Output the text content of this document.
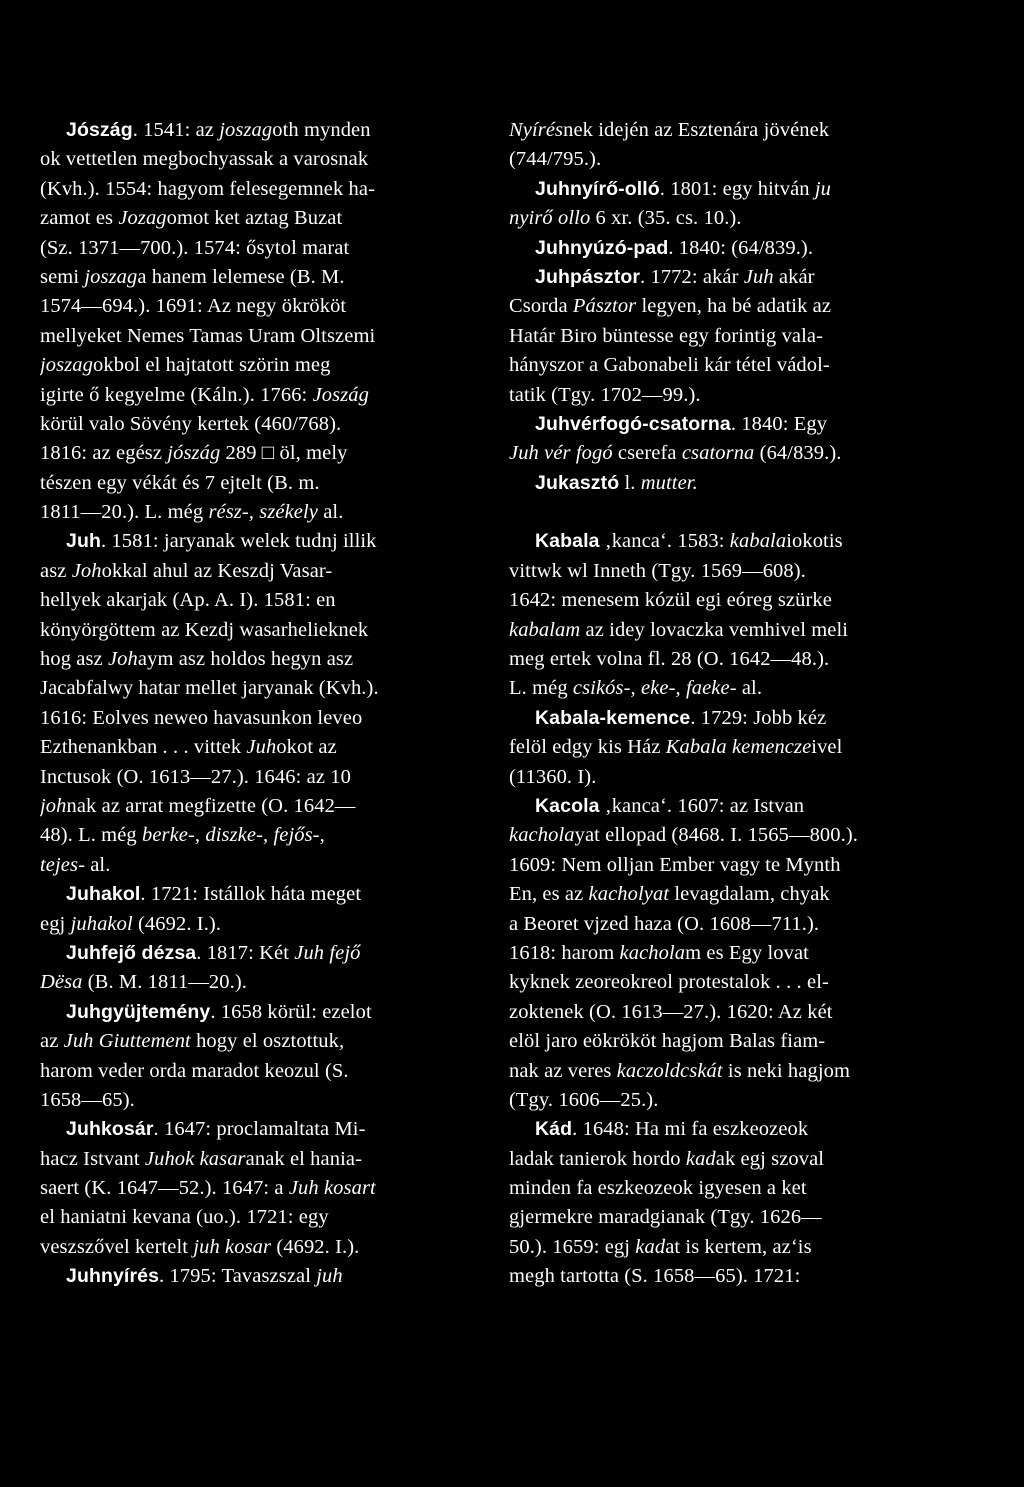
Jószág. 1541: az joszagoth mynden
ok vettetlen megbochyassak a varosnak
(Kvh.). 1554: hagyom felesegemnek ha-
zamot es Jozagomot ket aztag Buzat
(Sz. 1371—700.). 1574: ősytol marat
semi joszaga hanem lelemese (B. M.
1574—694.). 1691: Az negy ökrököt
mellyeket Nemes Tamas Uram Oltszemi
joszagokbol el hajtatott szörin meg
igirte ő kegyelme (Káln.). 1766: Joszág
körül valo Sövény kertek (460/768).
1816: az egész jószág 289 □ öl, mely
tészen egy vékát és 7 ejtelt (B. m.
1811—20.). L. még rész-, székely al.
Juh. 1581: jaryanak welek tudnj illik
asz Johokkal ahul az Keszdj Vasar-
hellyek akarjak (Ap. A. I). 1581: en
könyörgöttem az Kezdj wasarhelieknek
hog asz Johaym asz holdos hegyn asz
Jacabfalwy hatar mellet jaryanak (Kvh.).
1616: Eolves neweo havasunkon leveo
Ezthenankban . . . vittek Juhokot az
Inctusok (O. 1613—27.). 1646: az 10
johnak az arrat megfizette (O. 1642—
48). L. még berke-, diszke-, fejős-,
tejes- al.
Juhakol. 1721: Istállok háta meget
egj juhakol (4692. I.).
Juhfejő dézsa. 1817: Két Juh fejő
Dësa (B. M. 1811—20.).
Juhgyüjtemény. 1658 körül: ezelot
az Juh Giuttement hogy el osztottuk,
harom veder orda maradot keozul (S.
1658—65).
Juhkosár. 1647: proclamaltata Mi-
hacz Istvant Juhok kasaranak el hania-
saert (K. 1647—52.). 1647: a Juh kosart
el haniatni kevana (uo.). 1721: egy
veszszővel kertelt juh kosar (4692. I.).
Juhnyírés. 1795: Tavaszszal juh
Nyírésnek idején az Esztenára jövének
(744/795.).
Juhnyírő-olló. 1801: egy hitván ju
nyirő ollo 6 xr. (35. cs. 10.).
Juhnyúzó-pad. 1840: (64/839.).
Juhpásztor. 1772: akár Juh akár
Csorda Pásztor legyen, ha bé adatik az
Határ Biro büntesse egy forintig vala-
hányszor a Gabonabeli kár tétel vádol-
tatik (Tgy. 1702—99.).
Juhvérfogó-csatorna. 1840: Egy
Juh vér fogó cserefa csatorna (64/839.).
Jukasztó l. mutter.
Kabala ‚kanca‘. 1583: kabalaiokotis
vittwk wl Inneth (Tgy. 1569—608).
1642: menesem kózül egi eóreg szürke
kabalam az idey lovaczka vemhivel meli
meg ertek volna fl. 28 (O. 1642—48.).
L. még csikós-, eke-, faeke- al.
Kabala-kemence. 1729: Jobb kéz
felöl edgy kis Ház Kabala kemenczeivel
(11360. I).
Kacola ‚kanca‘. 1607: az Istvan
kacholayat ellopad (8468. I. 1565—800.).
1609: Nem olljan Ember vagy te Mynth
En, es az kacholyat levagdalam, chyak
a Beoret vjzed haza (O. 1608—711.).
1618: harom kacholam es Egy lovat
kyknek zeoreokreol protestalok . . . el-
zoktenek (O. 1613—27.). 1620: Az két
elöl jaro eökrököt hagjom Balas fiam-
nak az veres kaczoldcskát is neki hagjom
(Tgy. 1606—25.).
Kád. 1648: Ha mi fa eszkeozeok
ladak tanierok hordo kadak egj szoval
minden fa eszkeozeok igyesen a ket
gjermekre maradgianak (Tgy. 1626—
50.). 1659: egj kadat is kertem, az‘is
megh tartotta (S. 1658—65). 1721:
